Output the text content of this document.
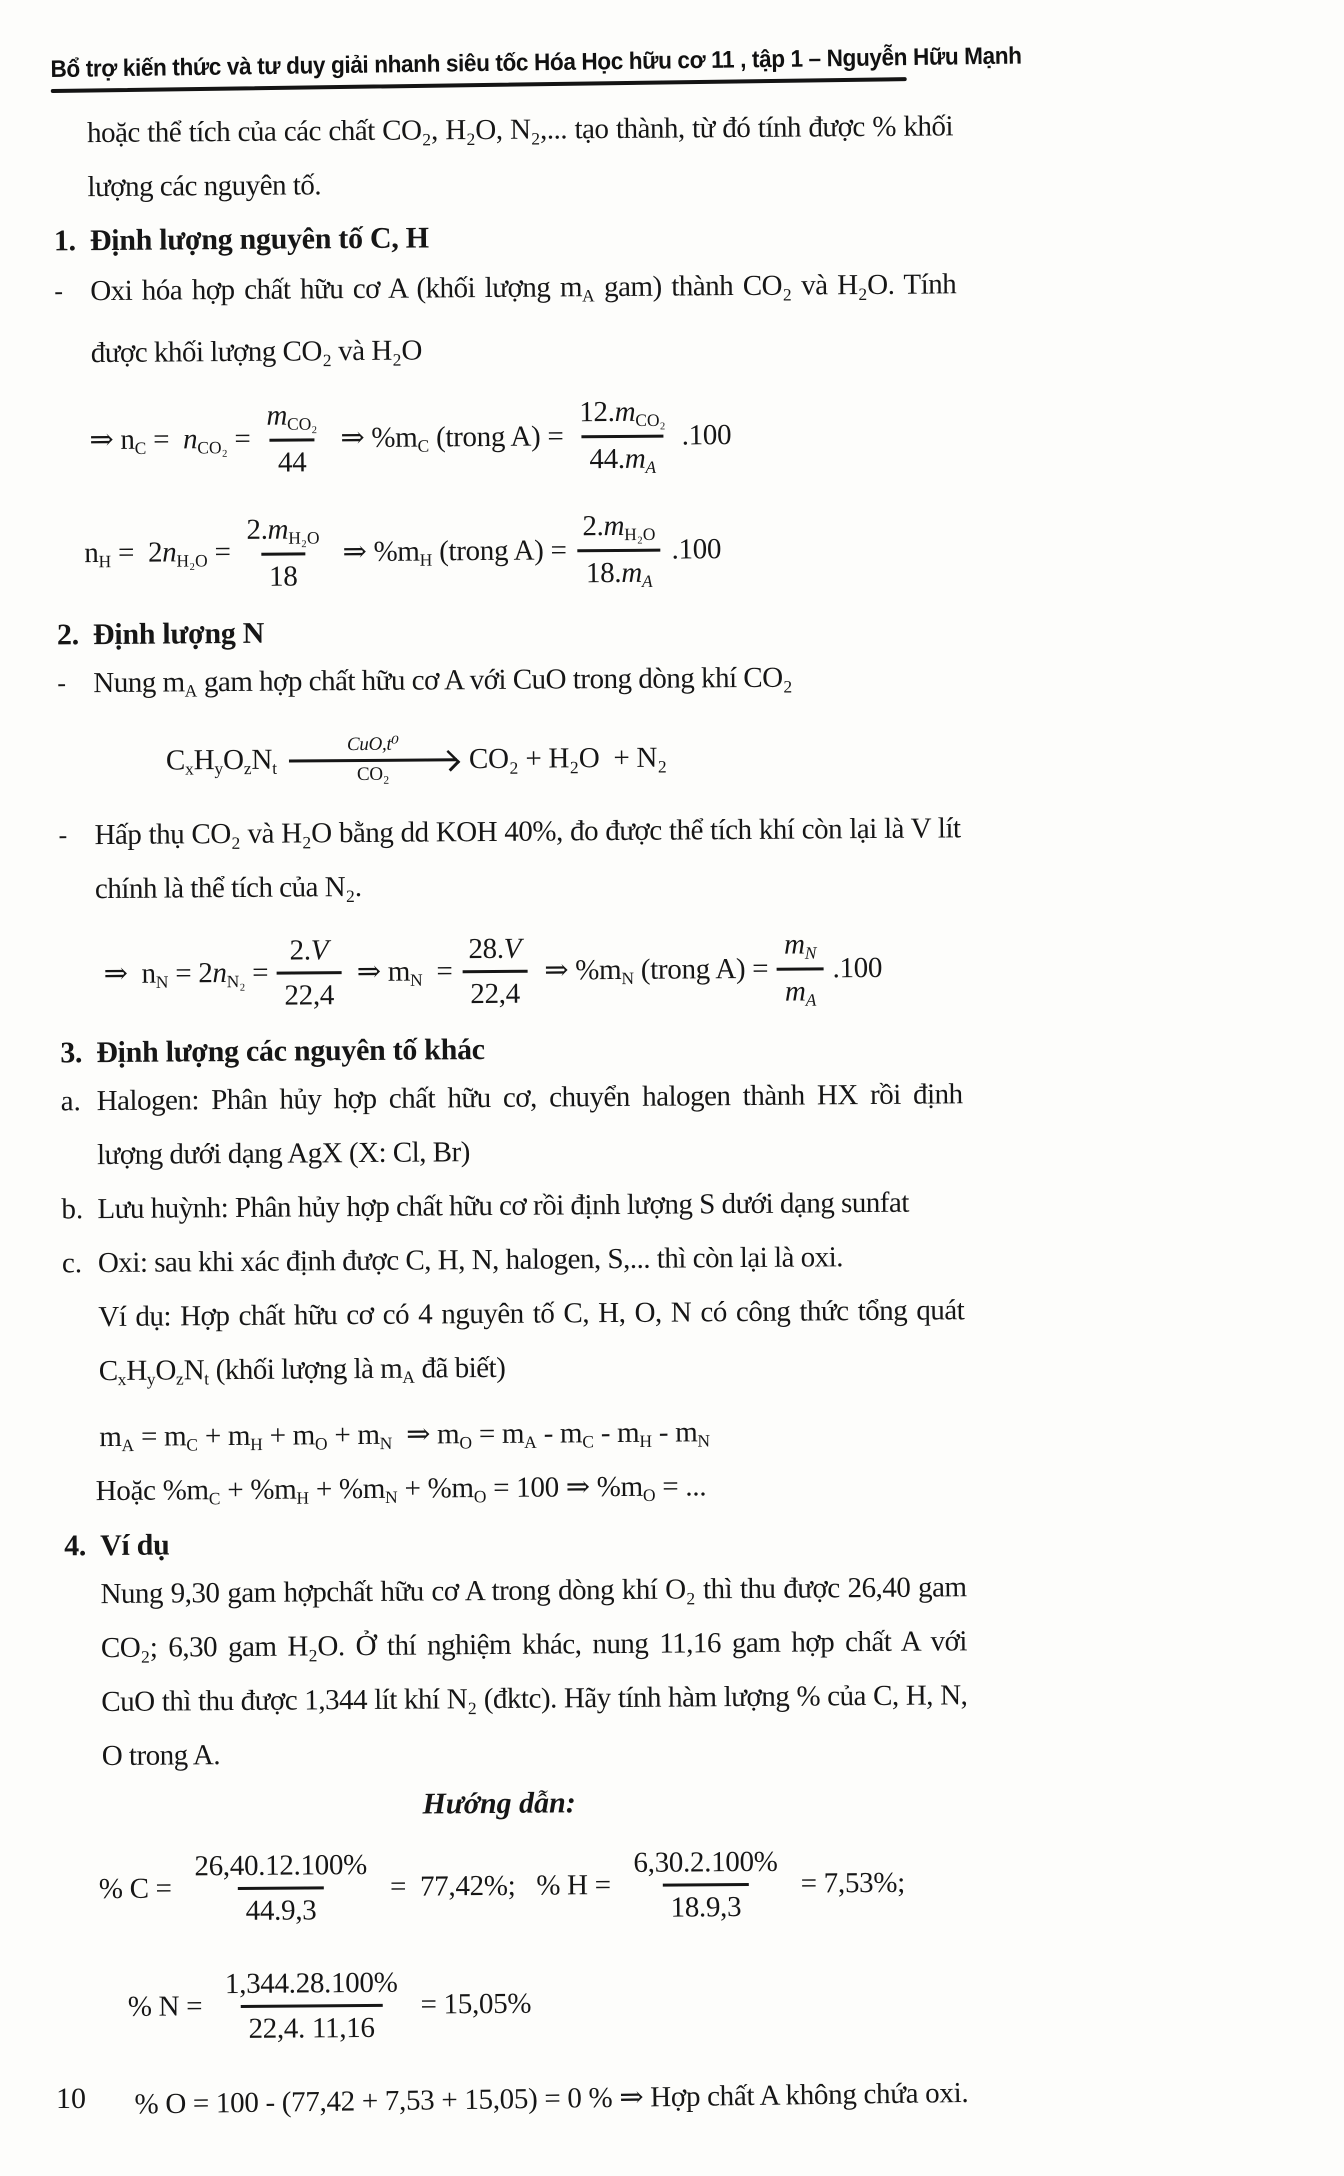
Bổ trợ kiến thức và tư duy giải nhanh siêu tốc Hóa Học hữu cơ 11 , tập 1 – Nguyễn Hữu Mạnh

hoặc thể tích của các chất CO₂, H₂O, N₂,... tạo thành, từ đó tính được % khối lượng các nguyên tố.

1. Định lượng nguyên tố C, H
- Oxi hóa hợp chất hữu cơ A (khối lượng $m_A$ gam) thành CO₂ và H₂O. Tính được khối lượng CO₂ và H₂O
⇒ $n_C = n_{CO_2} = \frac{m_{CO_2}}{44}$ ⇒ $\%m_C$ (trong $A) = \frac{12.m_{CO_2}}{44.m_A} .100$
$n_H = 2n_{H_2O} = \frac{2.m_{H_2O}}{18}$ ⇒ $\%m_H$ (trong $A) = \frac{2.m_{H_2O}}{18.m_A} .100$
2. Định lượng N
- Nung $m_A$ gam hợp chất hữu cơ A với CuO trong dòng khí CO₂
$C_xH_yO_zN_t$
CuO,t⁰
CO₂	CO₂ + H₂O  + N₂
- Hấp thụ CO₂ và H₂O bằng dd KOH 40%, đo được thể tích khí còn lại là V lít chính là thể tích của N₂.
⇒  $n_N = 2n_{N_2} = \frac{2.V}{22,4}$ ⇒ $m_N = \frac{28.V}{22,4}$ ⇒ $\%m_N$ (trong $A) = \frac{m_N}{m_A} .100$
3. Định lượng các nguyên tố khác
a. Halogen: Phân hủy hợp chất hữu cơ, chuyển halogen thành HX rồi định lượng dưới dạng AgX (X: Cl, Br)
b. Lưu huỳnh: Phân hủy hợp chất hữu cơ rồi định lượng S dưới dạng sunfat
c. Oxi: sau khi xác định được C, H, N, halogen, S,... thì còn lại là oxi.
Ví dụ: Hợp chất hữu cơ có 4 nguyên tố C, H, O, N có công thức tổng quát $C_xH_yO_zN_t$ (khối lượng là $m_A$ đã biết)
$m_A = m_C + m_H + m_O + m_N$  ⇒ $m_O = m_A - m_C - m_H - m_N$
Hoặc $\%m_C + \%m_H + \%m_N + \%m_O = 100$ ⇒ $\%m_O$ = ...
4. Ví dụ
Nung 9,30 gam hợpchất hữu cơ A trong dòng khí O₂ thì thu được 26,40 gam CO₂; 6,30 gam H₂O. Ở thí nghiệm khác, nung 11,16 gam hợp chất A với CuO thì thu được 1,344 lít khí N₂ (đktc). Hãy tính hàm lượng % của C, H, N, O trong A.
Hướng dẫn:
% $C = \frac{26,40.12.100\%}{44.9,3} = 77,42\%$;   % $H = \frac{6,30.2.100\%}{18.9,3} = 7,53\%$;
% $N = \frac{1,344.28.100\%}{22,4. 11,16} = 15,05\%$
% O = 100 - (77,42 + 7,53 + 15,05) = 0 % ⇒ Hợp chất A không chứa oxi.
10
